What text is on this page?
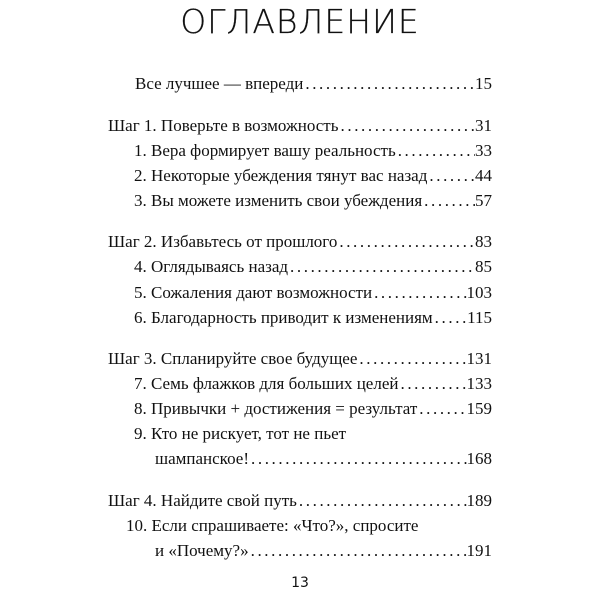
ОГЛАВЛЕНИЕ
Все лучшее — впереди .....	15
Шаг 1. Поверьте в возможность .....	31
1. Вера формирует вашу реальность .....	33
2. Некоторые убеждения тянут вас назад .....	44
3. Вы можете изменить свои убеждения .....	57
Шаг 2. Избавьтесь от прошлого .....	83
4. Оглядываясь назад .....	85
5. Сожаления дают возможности .....	103
6. Благодарность приводит к изменениям ..... 115
Шаг 3. Спланируйте свое будущее .....	131
7. Семь флажков для больших целей .....	133
8. Привычки + достижения = результат .....	159
9. Кто не рискует, тот не пьет
шампанское! .....	168
Шаг 4. Найдите свой путь .....	189
10. Если спрашиваете: «Что?», спросите
и «Почему?» .....	191
13
